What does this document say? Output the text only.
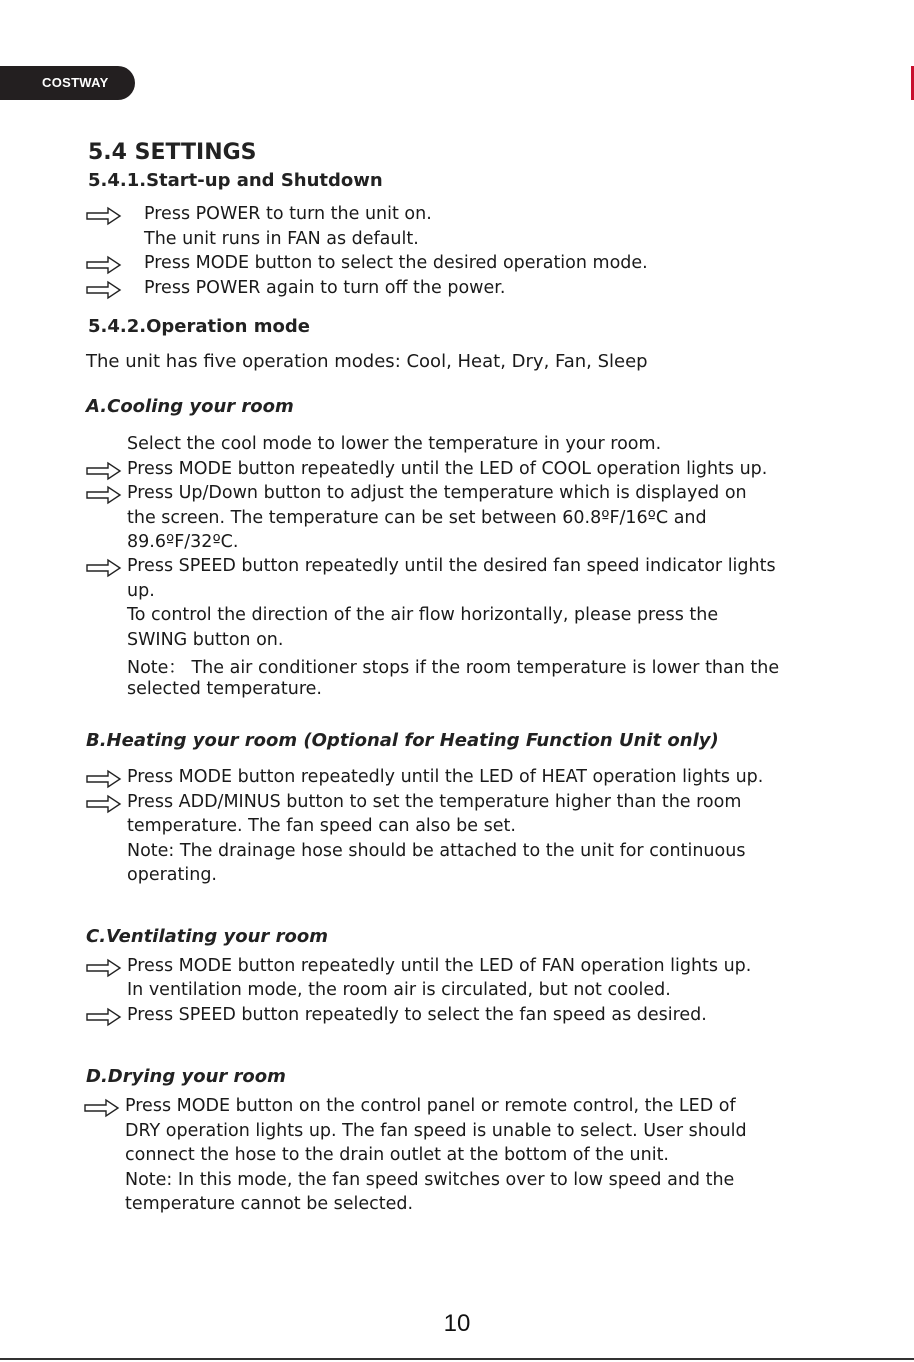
COSTWAY
5.4 SETTINGS
5.4.1.Start-up and Shutdown
Press POWER to turn the unit on.
The unit runs in FAN as default.
Press MODE button to select the desired operation mode.
Press POWER again to turn off the power.
5.4.2.Operation mode
The unit has five operation modes: Cool, Heat, Dry, Fan, Sleep
A.Cooling your room
Select the cool mode to lower the temperature in your room.
Press MODE button repeatedly until the LED of COOL operation lights up.
Press Up/Down button to adjust the temperature which is displayed on
the screen. The temperature can be set between 60.8ºF/16ºC and
89.6ºF/32ºC.
Press SPEED button repeatedly until the desired fan speed indicator lights
up.
To control the direction of the air flow horizontally, please press the
SWING button on.
Note： The air conditioner stops if the room temperature is lower than the
selected temperature.
B.Heating your room (Optional for Heating Function Unit only)
Press MODE button repeatedly until the LED of HEAT operation lights up.
Press ADD/MINUS button to set the temperature higher than the room
temperature. The fan speed can also be set.
Note: The drainage hose should be attached to the unit for continuous
operating.
C.Ventilating your room
Press MODE button repeatedly until the LED of FAN operation lights up.
In ventilation mode, the room air is circulated, but not cooled.
Press SPEED button repeatedly to select the fan speed as desired.
D.Drying your room
Press MODE button on the control panel or remote control, the LED of
DRY operation lights up. The fan speed is unable to select. User should
connect the hose to the drain outlet at the bottom of the unit.
Note: In this mode, the fan speed switches over to low speed and the
temperature cannot be selected.
10
